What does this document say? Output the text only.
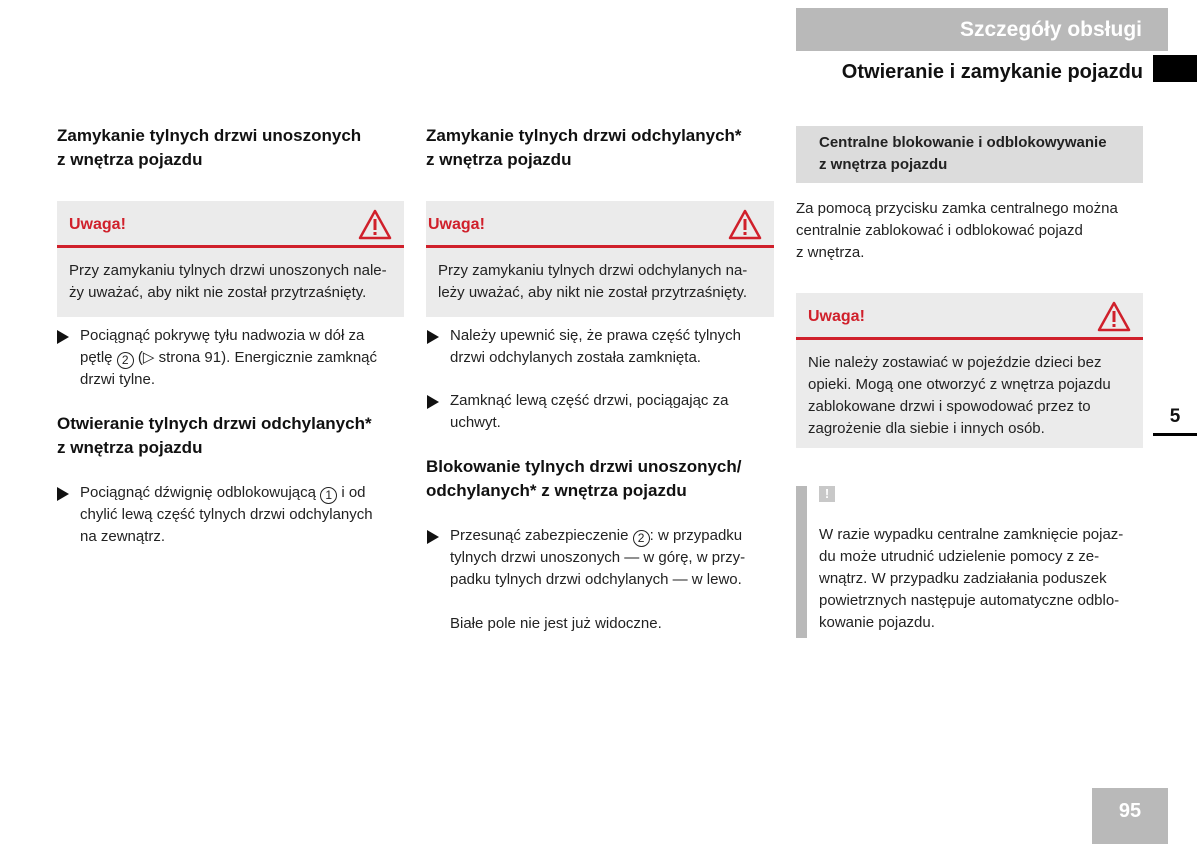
Szczegóły obsługi
Otwieranie i zamykanie pojazdu
5
Zamykanie tylnych drzwi unoszonych
z wnętrza pojazdu
Uwaga!
Przy zamykaniu tylnych drzwi unoszonych nale-
ży uważać, aby nikt nie został przytrzaśnięty.
Pociągnąć pokrywę tyłu nadwozia w dół za
pętlę 2 (▷ strona 91). Energicznie zamknąć
drzwi tylne.
Otwieranie tylnych drzwi odchylanych*
z wnętrza pojazdu
Pociągnąć dźwignię odblokowującą 1 i od
chylić lewą część tylnych drzwi odchylanych
na zewnątrz.
Zamykanie tylnych drzwi odchylanych*
z wnętrza pojazdu
Uwaga!
Przy zamykaniu tylnych drzwi odchylanych na-
leży uważać, aby nikt nie został przytrzaśnięty.
Należy upewnić się, że prawa część tylnych
drzwi odchylanych została zamknięta.
Zamknąć lewą część drzwi, pociągając za
uchwyt.
Blokowanie tylnych drzwi unoszonych/
odchylanych* z wnętrza pojazdu
Przesunąć zabezpieczenie 2 : w przypadku
tylnych drzwi unoszonych — w górę, w przy-
padku tylnych drzwi odchylanych — w lewo.
Białe pole nie jest już widoczne.
Centralne blokowanie i odblokowywanie
z wnętrza pojazdu
Za pomocą przycisku zamka centralnego można
centralnie zablokować i odblokować pojazd
z wnętrza.
Uwaga!
Nie należy zostawiać w pojeździe dzieci bez
opieki. Mogą one otworzyć z wnętrza pojazdu
zablokowane drzwi i spowodować przez to
zagrożenie dla siebie i innych osób.
!
W razie wypadku centralne zamknięcie pojaz-
du może utrudnić udzielenie pomocy z ze-
wnątrz. W przypadku zadziałania poduszek
powietrznych następuje automatyczne odblo-
kowanie pojazdu.
95
